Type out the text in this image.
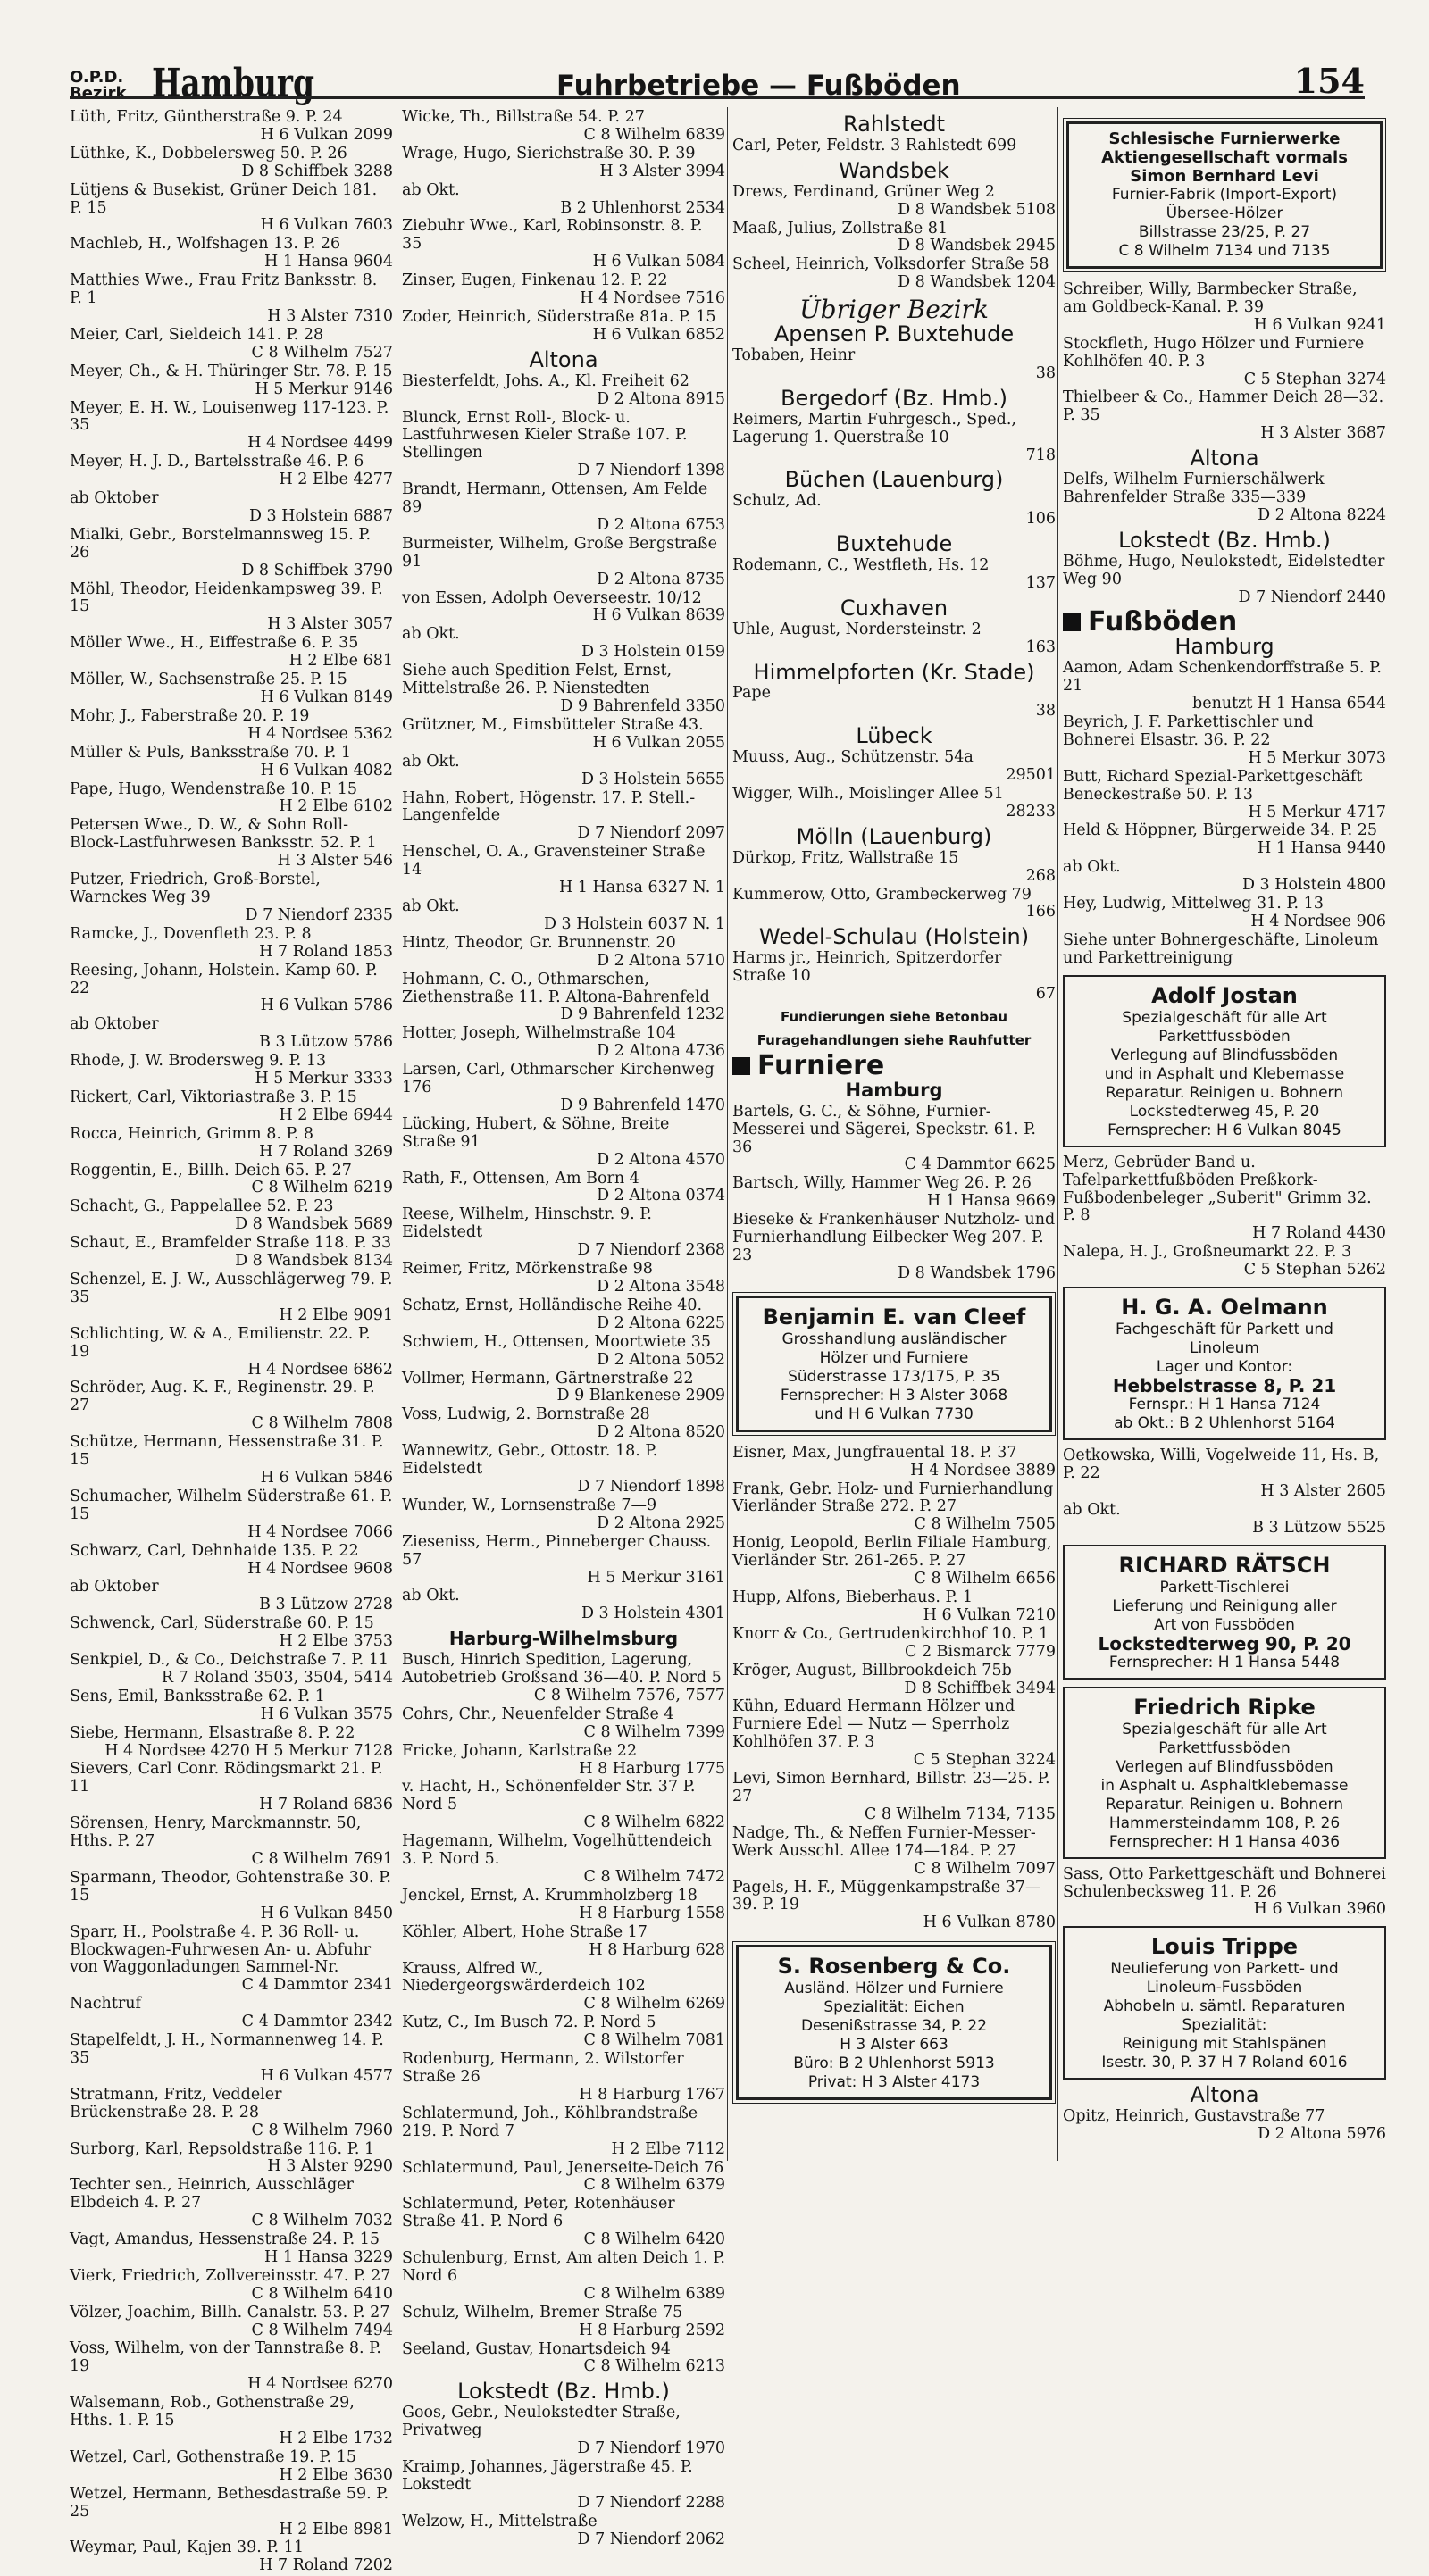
O.P.D.
Bezirk Hamburg	Fuhrbetriebe — Fußböden	154
Lüth, Fritz, Güntherstraße 9. P. 24
H 6 Vulkan 2099
Lüthke, K., Dobbelersweg 50. P. 26
D 8 Schiffbek 3288
Lütjens & Busekist, Grüner Deich 181. P. 15
H 6 Vulkan 7603
Machleb, H., Wolfshagen 13. P. 26
H 1 Hansa 9604
Matthies Wwe., Frau Fritz Banksstr. 8. P. 1
H 3 Alster 7310
Meier, Carl, Sieldeich 141. P. 28
C 8 Wilhelm 7527
Meyer, Ch., & H. Thüringer Str. 78. P. 15
H 5 Merkur 9146
Meyer, E. H. W., Louisenweg 117-123. P. 35
H 4 Nordsee 4499
Meyer, H. J. D., Bartelsstraße 46. P. 6
H 2 Elbe 4277
ab Oktober
D 3 Holstein 6887
Mialki, Gebr., Borstelmannsweg 15. P. 26
D 8 Schiffbek 3790
Möhl, Theodor, Heidenkampsweg 39. P. 15
H 3 Alster 3057
Möller Wwe., H., Eiffestraße 6. P. 35
H 2 Elbe 681
Möller, W., Sachsenstraße 25. P. 15
H 6 Vulkan 8149
Mohr, J., Faberstraße 20. P. 19
H 4 Nordsee 5362
Müller & Puls, Banksstraße 70. P. 1
H 6 Vulkan 4082
Pape, Hugo, Wendenstraße 10. P. 15
H 2 Elbe 6102
Petersen Wwe., D. W., & Sohn Roll-Block-Lastfuhrwesen Banksstr. 52. P. 1
H 3 Alster 546
Putzer, Friedrich, Groß-Borstel, Warnckes Weg 39
D 7 Niendorf 2335
Ramcke, J., Dovenfleth 23. P. 8
H 7 Roland 1853
Reesing, Johann, Holstein. Kamp 60. P. 22
H 6 Vulkan 5786
ab Oktober
B 3 Lützow 5786
Rhode, J. W. Brodersweg 9. P. 13
H 5 Merkur 3333
Rickert, Carl, Viktoriastraße 3. P. 15
H 2 Elbe 6944
Rocca, Heinrich, Grimm 8. P. 8
H 7 Roland 3269
Roggentin, E., Billh. Deich 65. P. 27
C 8 Wilhelm 6219
Schacht, G., Pappelallee 52. P. 23
D 8 Wandsbek 5689
Schaut, E., Bramfelder Straße 118. P. 33
D 8 Wandsbek 8134
Schenzel, E. J. W., Ausschlägerweg 79. P. 35
H 2 Elbe 9091
Schlichting, W. & A., Emilienstr. 22. P. 19
H 4 Nordsee 6862
Schröder, Aug. K. F., Reginenstr. 29. P. 27
C 8 Wilhelm 7808
Schütze, Hermann, Hessenstraße 31. P. 15
H 6 Vulkan 5846
Schumacher, Wilhelm Süderstraße 61. P. 15
H 4 Nordsee 7066
Schwarz, Carl, Dehnhaide 135. P. 22
H 4 Nordsee 9608
ab Oktober
B 3 Lützow 2728
Schwenck, Carl, Süderstraße 60. P. 15
H 2 Elbe 3753
Senkpiel, D., & Co., Deichstraße 7. P. 11
R 7 Roland 3503, 3504, 5414
Sens, Emil, Banksstraße 62. P. 1
H 6 Vulkan 3575
Siebe, Hermann, Elsastraße 8. P. 22
H 4 Nordsee 4270 H 5 Merkur 7128
Sievers, Carl Conr. Rödingsmarkt 21. P. 11
H 7 Roland 6836
Sörensen, Henry, Marckmannstr. 50, Hths. P. 27
C 8 Wilhelm 7691
Sparmann, Theodor, Gohtenstraße 30. P. 15
H 6 Vulkan 8450
Sparr, H., Poolstraße 4. P. 36 Roll- u. Blockwagen-Fuhrwesen An- u. Abfuhr von Waggonladungen Sammel-Nr.
C 4 Dammtor 2341
Nachtruf
C 4 Dammtor 2342
Stapelfeldt, J. H., Normannenweg 14. P. 35
H 6 Vulkan 4577
Stratmann, Fritz, Veddeler Brückenstraße 28. P. 28
C 8 Wilhelm 7960
Surborg, Karl, Repsoldstraße 116. P. 1
H 3 Alster 9290
Techter sen., Heinrich, Ausschläger Elbdeich 4. P. 27
C 8 Wilhelm 7032
Vagt, Amandus, Hessenstraße 24. P. 15
H 1 Hansa 3229
Vierk, Friedrich, Zollvereinsstr. 47. P. 27
C 8 Wilhelm 6410
Völzer, Joachim, Billh. Canalstr. 53. P. 27
C 8 Wilhelm 7494
Voss, Wilhelm, von der Tannstraße 8. P. 19
H 4 Nordsee 6270
Walsemann, Rob., Gothenstraße 29, Hths. 1. P. 15
H 2 Elbe 1732
Wetzel, Carl, Gothenstraße 19. P. 15
H 2 Elbe 3630
Wetzel, Hermann, Bethesdastraße 59. P. 25
H 2 Elbe 8981
Weymar, Paul, Kajen 39. P. 11
H 7 Roland 7202
Wicke, Th., Billstraße 54. P. 27
C 8 Wilhelm 6839
Wrage, Hugo, Sierichstraße 30. P. 39
H 3 Alster 3994
ab Okt.
B 2 Uhlenhorst 2534
Ziebuhr Wwe., Karl, Robinsonstr. 8. P. 35
H 6 Vulkan 5084
Zinser, Eugen, Finkenau 12. P. 22
H 4 Nordsee 7516
Zoder, Heinrich, Süderstraße 81a. P. 15
H 6 Vulkan 6852
Altona
Biesterfeldt, Johs. A., Kl. Freiheit 62
D 2 Altona 8915
Blunck, Ernst Roll-, Block- u. Lastfuhrwesen Kieler Straße 107. P. Stellingen
D 7 Niendorf 1398
Brandt, Hermann, Ottensen, Am Felde 89
D 2 Altona 6753
Burmeister, Wilhelm, Große Bergstraße 91
D 2 Altona 8735
von Essen, Adolph Oeverseestr. 10/12
H 6 Vulkan 8639
ab Okt.
D 3 Holstein 0159
Siehe auch Spedition Felst, Ernst, Mittelstraße 26. P. Nienstedten
D 9 Bahrenfeld 3350
Grützner, M., Eimsbütteler Straße 43.
H 6 Vulkan 2055
ab Okt.
D 3 Holstein 5655
Hahn, Robert, Högenstr. 17. P. Stell.-Langenfelde
D 7 Niendorf 2097
Henschel, O. A., Gravensteiner Straße 14
H 1 Hansa 6327 N. 1
ab Okt.
D 3 Holstein 6037 N. 1
Hintz, Theodor, Gr. Brunnenstr. 20
D 2 Altona 5710
Hohmann, C. O., Othmarschen, Ziethenstraße 11. P. Altona-Bahrenfeld
D 9 Bahrenfeld 1232
Hotter, Joseph, Wilhelmstraße 104
D 2 Altona 4736
Larsen, Carl, Othmarscher Kirchenweg 176
D 9 Bahrenfeld 1470
Lücking, Hubert, & Söhne, Breite Straße 91
D 2 Altona 4570
Rath, F., Ottensen, Am Born 4
D 2 Altona 0374
Reese, Wilhelm, Hinschstr. 9. P. Eidelstedt
D 7 Niendorf 2368
Reimer, Fritz, Mörkenstraße 98
D 2 Altona 3548
Schatz, Ernst, Holländische Reihe 40.
D 2 Altona 6225
Schwiem, H., Ottensen, Moortwiete 35
D 2 Altona 5052
Vollmer, Hermann, Gärtnerstraße 22
D 9 Blankenese 2909
Voss, Ludwig, 2. Bornstraße 28
D 2 Altona 8520
Wannewitz, Gebr., Ottostr. 18. P. Eidelstedt
D 7 Niendorf 1898
Wunder, W., Lornsenstraße 7—9
D 2 Altona 2925
Zieseniss, Herm., Pinneberger Chauss. 57
H 5 Merkur 3161
ab Okt.
D 3 Holstein 4301
Harburg-Wilhelmsburg
Busch, Hinrich Spedition, Lagerung, Autobetrieb Großsand 36—40. P. Nord 5
C 8 Wilhelm 7576, 7577
Cohrs, Chr., Neuenfelder Straße 4
C 8 Wilhelm 7399
Fricke, Johann, Karlstraße 22
H 8 Harburg 1775
v. Hacht, H., Schönenfelder Str. 37 P. Nord 5
C 8 Wilhelm 6822
Hagemann, Wilhelm, Vogelhüttendeich 3. P. Nord 5.
C 8 Wilhelm 7472
Jenckel, Ernst, A. Krummholzberg 18
H 8 Harburg 1558
Köhler, Albert, Hohe Straße 17
H 8 Harburg 628
Krauss, Alfred W., Niedergeorgswärderdeich 102
C 8 Wilhelm 6269
Kutz, C., Im Busch 72. P. Nord 5
C 8 Wilhelm 7081
Rodenburg, Hermann, 2. Wilstorfer Straße 26
H 8 Harburg 1767
Schlatermund, Joh., Köhlbrandstraße 219. P. Nord 7
H 2 Elbe 7112
Schlatermund, Paul, Jenerseite-Deich 76
C 8 Wilhelm 6379
Schlatermund, Peter, Rotenhäuser Straße 41. P. Nord 6
C 8 Wilhelm 6420
Schulenburg, Ernst, Am alten Deich 1. P. Nord 6
C 8 Wilhelm 6389
Schulz, Wilhelm, Bremer Straße 75
H 8 Harburg 2592
Seeland, Gustav, Honartsdeich 94
C 8 Wilhelm 6213
Lokstedt (Bz. Hmb.)
Goos, Gebr., Neulokstedter Straße, Privatweg
D 7 Niendorf 1970
Kraimp, Johannes, Jägerstraße 45. P. Lokstedt
D 7 Niendorf 2288
Welzow, H., Mittelstraße
D 7 Niendorf 2062
Rahlstedt
Carl, Peter, Feldstr. 3 Rahlstedt 699
Wandsbek
Drews, Ferdinand, Grüner Weg 2
D 8 Wandsbek 5108
Maaß, Julius, Zollstraße 81
D 8 Wandsbek 2945
Scheel, Heinrich, Volksdorfer Straße 58
D 8 Wandsbek 1204
Übriger Bezirk
Apensen P. Buxtehude
Tobaben, Heinr
38
Bergedorf (Bz. Hmb.)
Reimers, Martin Fuhrgesch., Sped., Lagerung 1. Querstraße 10
718
Büchen (Lauenburg)
Schulz, Ad.
106
Buxtehude
Rodemann, C., Westfleth, Hs. 12
137
Cuxhaven
Uhle, August, Nordersteinstr. 2
163
Himmelpforten (Kr. Stade)
Pape
38
Lübeck
Muuss, Aug., Schützenstr. 54a
29501
Wigger, Wilh., Moislinger Allee 51
28233
Mölln (Lauenburg)
Dürkop, Fritz, Wallstraße 15
268
Kummerow, Otto, Grambeckerweg 79
166
Wedel-Schulau (Holstein)
Harms jr., Heinrich, Spitzerdorfer Straße 10
67
Fundierungen siehe Betonbau
Furagehandlungen siehe Rauhfutter
Furniere
Hamburg
Bartels, G. C., & Söhne, Furnier-Messerei und Sägerei, Speckstr. 61. P. 36
C 4 Dammtor 6625
Bartsch, Willy, Hammer Weg 26. P. 26
H 1 Hansa 9669
Bieseke & Frankenhäuser Nutzholz- und Furnierhandlung Eilbecker Weg 207. P. 23
D 8 Wandsbek 1796
Benjamin E. van Cleef
Grosshandlung ausländischer
Hölzer und Furniere
Süderstrasse 173/175, P. 35
Fernsprecher: H 3 Alster 3068
und H 6 Vulkan 7730
Eisner, Max, Jungfrauental 18. P. 37
H 4 Nordsee 3889
Frank, Gebr. Holz- und Furnierhandlung Vierländer Straße 272. P. 27
C 8 Wilhelm 7505
Honig, Leopold, Berlin Filiale Hamburg, Vierländer Str. 261-265. P. 27
C 8 Wilhelm 6656
Hupp, Alfons, Bieberhaus. P. 1
H 6 Vulkan 7210
Knorr & Co., Gertrudenkirchhof 10. P. 1
C 2 Bismarck 7779
Kröger, August, Billbrookdeich 75b
D 8 Schiffbek 3494
Kühn, Eduard Hermann Hölzer und Furniere Edel — Nutz — Sperrholz Kohlhöfen 37. P. 3
C 5 Stephan 3224
Levi, Simon Bernhard, Billstr. 23—25. P. 27
C 8 Wilhelm 7134, 7135
Nadge, Th., & Neffen Furnier-Messer-Werk Ausschl. Allee 174—184. P. 27
C 8 Wilhelm 7097
Pagels, H. F., Müggenkampstraße 37—39. P. 19
H 6 Vulkan 8780
S. Rosenberg & Co.
Ausländ. Hölzer und Furniere
Spezialität: Eichen
Desenißstrasse 34, P. 22
H 3 Alster 663
Büro: B 2 Uhlenhorst 5913
Privat: H 3 Alster 4173
Schlesische Furnierwerke
Aktiengesellschaft vormals
Simon Bernhard Levi
Furnier-Fabrik (Import-Export)
Übersee-Hölzer
Billstrasse 23/25, P. 27
C 8 Wilhelm 7134 und 7135
Schreiber, Willy, Barmbecker Straße, am Goldbeck-Kanal. P. 39
H 6 Vulkan 9241
Stockfleth, Hugo Hölzer und Furniere Kohlhöfen 40. P. 3
C 5 Stephan 3274
Thielbeer & Co., Hammer Deich 28—32. P. 35
H 3 Alster 3687
Altona
Delfs, Wilhelm Furnierschälwerk Bahrenfelder Straße 335—339
D 2 Altona 8224
Lokstedt (Bz. Hmb.)
Böhme, Hugo, Neulokstedt, Eidelstedter Weg 90
D 7 Niendorf 2440
Fußböden
Hamburg
Aamon, Adam Schenkendorffstraße 5. P. 21
benutzt H 1 Hansa 6544
Beyrich, J. F. Parkettischler und Bohnerei Elsastr. 36. P. 22
H 5 Merkur 3073
Butt, Richard Spezial-Parkettgeschäft Beneckestraße 50. P. 13
H 5 Merkur 4717
Held & Höppner, Bürgerweide 34. P. 25
H 1 Hansa 9440
ab Okt.
D 3 Holstein 4800
Hey, Ludwig, Mittelweg 31. P. 13
H 4 Nordsee 906
Siehe unter Bohnergeschäfte, Linoleum und Parkettreinigung
Adolf Jostan
Spezialgeschäft für alle Art
Parkettfussböden
Verlegung auf Blindfussböden
und in Asphalt und Klebemasse
Reparatur. Reinigen u. Bohnern
Lockstedterweg 45, P. 20
Fernsprecher: H 6 Vulkan 8045
Merz, Gebrüder Band u. Tafelparkettfußböden Preßkork-Fußbodenbeleger „Suberit" Grimm 32. P. 8
H 7 Roland 4430
Nalepa, H. J., Großneumarkt 22. P. 3
C 5 Stephan 5262
H. G. A. Oelmann
Fachgeschäft für Parkett und
Linoleum
Lager und Kontor:
Hebbelstrasse 8, P. 21
Fernspr.: H 1 Hansa 7124
ab Okt.: B 2 Uhlenhorst 5164
Oetkowska, Willi, Vogelweide 11, Hs. B, P. 22
H 3 Alster 2605
ab Okt.
B 3 Lützow 5525
RICHARD RÄTSCH
Parkett-Tischlerei
Lieferung und Reinigung aller
Art von Fussböden
Lockstedterweg 90, P. 20
Fernsprecher: H 1 Hansa 5448
Friedrich Ripke
Spezialgeschäft für alle Art
Parkettfussböden
Verlegen auf Blindfussböden
in Asphalt u. Asphaltklebemasse
Reparatur. Reinigen u. Bohnern
Hammersteindamm 108, P. 26
Fernsprecher: H 1 Hansa 4036
Sass, Otto Parkettgeschäft und Bohnerei Schulenbecksweg 11. P. 26
H 6 Vulkan 3960
Louis Trippe
Neulieferung von Parkett- und
Linoleum-Fussböden
Abhobeln u. sämtl. Reparaturen
Spezialität:
Reinigung mit Stahlspänen
Isestr. 30, P. 37 H 7 Roland 6016
Altona
Opitz, Heinrich, Gustavstraße 77
D 2 Altona 5976
